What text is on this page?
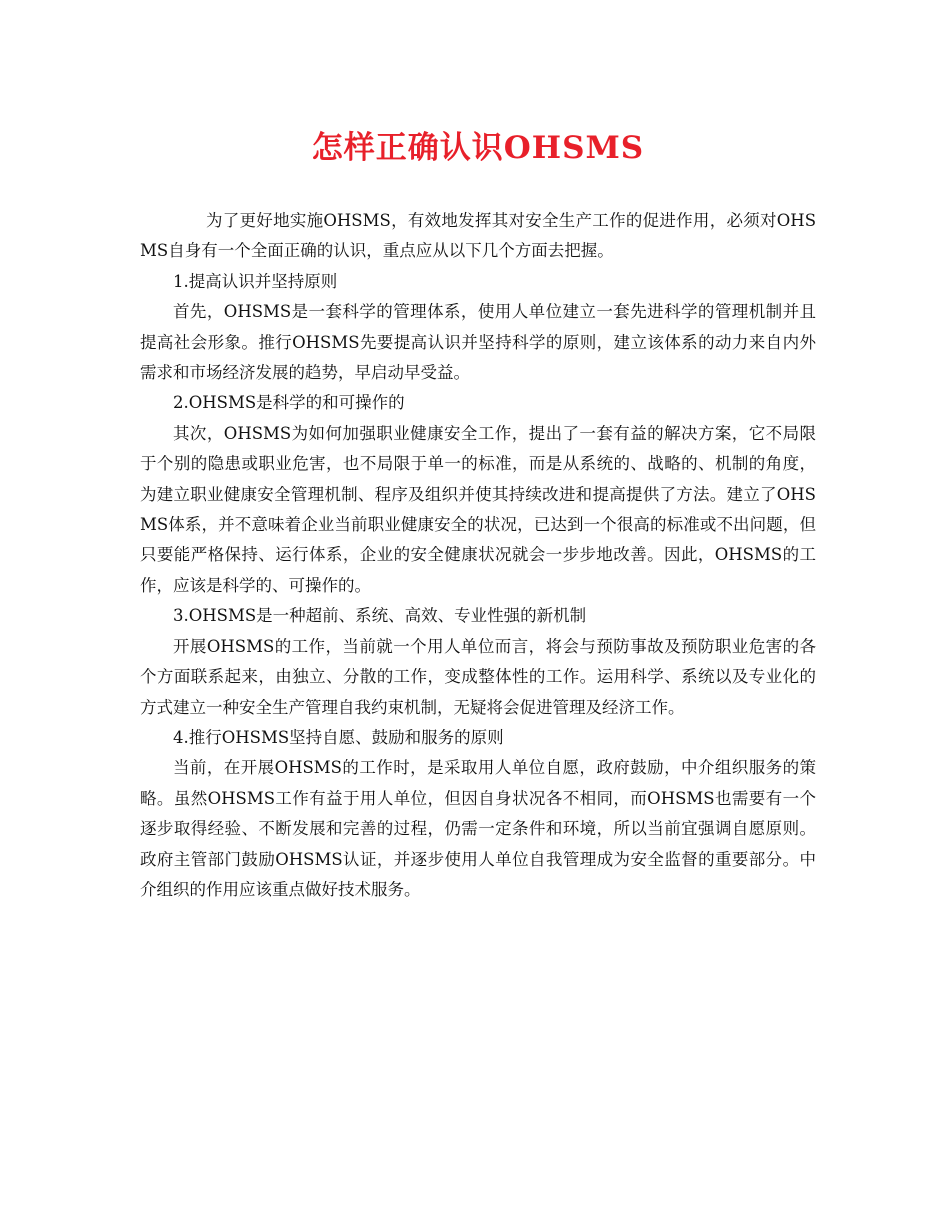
怎样正确认识OHSMS

为了更好地实施OHSMS，有效地发挥其对安全生产工作的促进作用，必须对OHSMS自身有一个全面正确的认识，重点应从以下几个方面去把握。

1.提高认识并坚持原则

首先，OHSMS是一套科学的管理体系，使用人单位建立一套先进科学的管理机制并且提高社会形象。推行OHSMS先要提高认识并坚持科学的原则，建立该体系的动力来自内外需求和市场经济发展的趋势，早启动早受益。

2.OHSMS是科学的和可操作的

其次，OHSMS为如何加强职业健康安全工作，提出了一套有益的解决方案，它不局限于个别的隐患或职业危害，也不局限于单一的标准，而是从系统的、战略的、机制的角度，为建立职业健康安全管理机制、程序及组织并使其持续改进和提高提供了方法。建立了OHSMS体系，并不意味着企业当前职业健康安全的状况，已达到一个很高的标准或不出问题，但只要能严格保持、运行体系，企业的安全健康状况就会一步步地改善。因此，OHSMS的工作，应该是科学的、可操作的。

3.OHSMS是一种超前、系统、高效、专业性强的新机制

开展OHSMS的工作，当前就一个用人单位而言，将会与预防事故及预防职业危害的各个方面联系起来，由独立、分散的工作，变成整体性的工作。运用科学、系统以及专业化的方式建立一种安全生产管理自我约束机制，无疑将会促进管理及经济工作。

4.推行OHSMS坚持自愿、鼓励和服务的原则

当前，在开展OHSMS的工作时，是采取用人单位自愿，政府鼓励，中介组织服务的策略。虽然OHSMS工作有益于用人单位，但因自身状况各不相同，而OHSMS也需要有一个逐步取得经验、不断发展和完善的过程，仍需一定条件和环境，所以当前宜强调自愿原则。政府主管部门鼓励OHSMS认证，并逐步使用人单位自我管理成为安全监督的重要部分。中介组织的作用应该重点做好技术服务。
